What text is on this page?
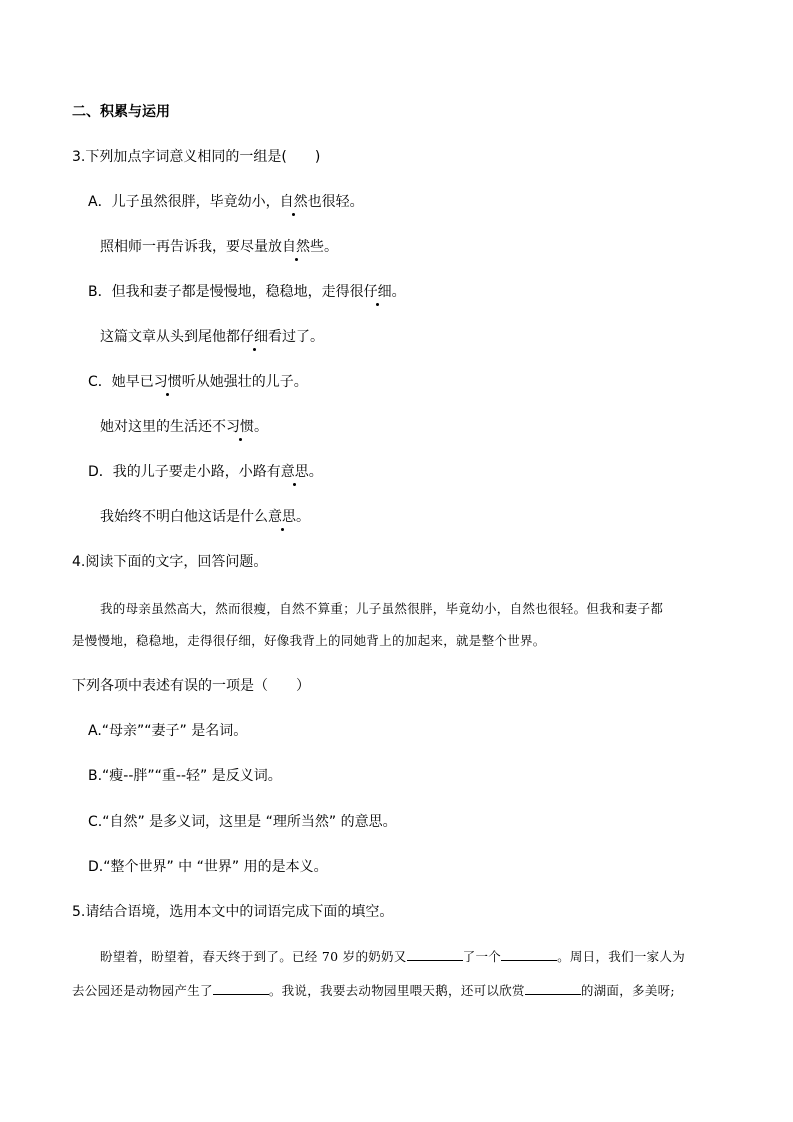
二、积累与运用
3.下列加点字词意义相同的一组是(　　)
A．儿子虽然很胖，毕竟幼小，自然也很轻。
照相师一再告诉我，要尽量放自然些。
B．但我和妻子都是慢慢地，稳稳地，走得很仔细。
这篇文章从头到尾他都仔细看过了。
C．她早已习惯听从她强壮的儿子。
她对这里的生活还不习惯。
D．我的儿子要走小路，小路有意思。
我始终不明白他这话是什么意思。
4.阅读下面的文字，回答问题。
我的母亲虽然高大，然而很瘦，自然不算重；儿子虽然很胖，毕竟幼小，自然也很轻。但我和妻子都
是慢慢地，稳稳地，走得很仔细，好像我背上的同她背上的加起来，就是整个世界。
下列各项中表述有误的一项是（　　）
A.“母亲”“妻子” 是名词。
B.“瘦--胖”“重--轻” 是反义词。
C.“自然” 是多义词，这里是 “理所当然” 的意思。
D.“整个世界” 中 “世界” 用的是本义。
5.请结合语境，选用本文中的词语完成下面的填空。
盼望着，盼望着，春天终于到了。已经 70 岁的奶奶又	了一个	。周日，我们一家人为
去公园还是动物园产生了	。我说，我要去动物园里喂天鹅，还可以欣赏	的湖面，多美呀;
